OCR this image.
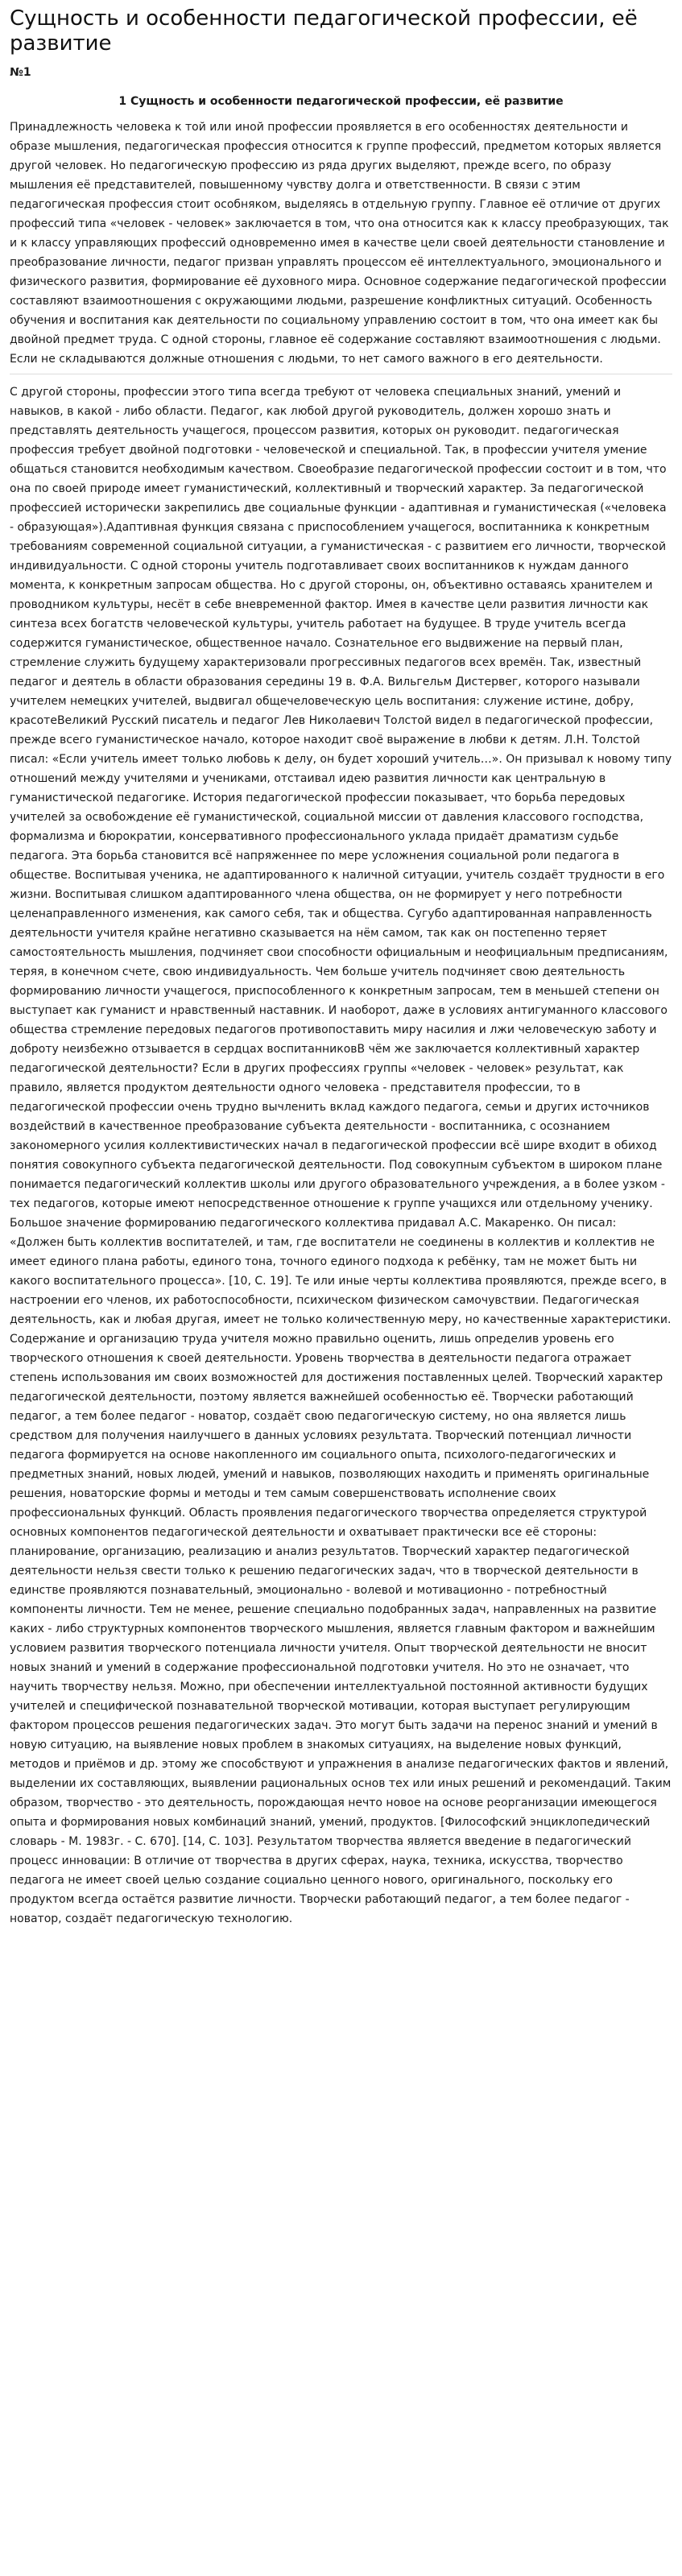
Сущность и особенности педагогической профессии, её развитие
№1
1 Сущность и особенности педагогической профессии, её развитие

Принадлежность человека к той или иной профессии проявляется в его особенностях деятельности и образе мышления, педагогическая профессия относится к группе профессий, предметом которых является другой человек. Но педагогическую профессию из ряда других выделяют, прежде всего, по образу мышления её представителей, повышенному чувству долга и ответственности. В связи с этим педагогическая профессия стоит особняком, выделяясь в отдельную группу. Главное её отличие от других профессий типа «человек - человек» заключается в том, что она относится как к классу преобразующих, так и к классу управляющих профессий одновременно имея в качестве цели своей деятельности становление и преобразование личности, педагог призван управлять процессом её интеллектуального, эмоционального и физического развития, формирование её духовного мира. Основное содержание педагогической профессии составляют взаимоотношения с окружающими людьми, разрешение конфликтных ситуаций. Особенность обучения и воспитания как деятельности по социальному управлению состоит в том, что она имеет как бы двойной предмет труда. С одной стороны, главное её содержание составляют взаимоотношения с людьми. Если не складываются должные отношения с людьми, то нет самого важного в его деятельности.

С другой стороны, профессии этого типа всегда требуют от человека специальных знаний, умений и навыков, в какой - либо области. Педагог, как любой другой руководитель, должен хорошо знать и представлять деятельность учащегося, процессом развития, которых он руководит. педагогическая профессия требует двойной подготовки - человеческой и специальной. Так, в профессии учителя умение общаться становится необходимым качеством. Своеобразие педагогической профессии состоит и в том, что она по своей природе имеет гуманистический, коллективный и творческий характер. За педагогической профессией исторически закрепились две социальные функции - адаптивная и гуманистическая («человека - образующая»).Адаптивная функция связана с приспособлением учащегося, воспитанника к конкретным требованиям современной социальной ситуации, а гуманистическая - с развитием его личности, творческой индивидуальности. С одной стороны учитель подготавливает своих воспитанников к нуждам данного момента, к конкретным запросам общества. Но с другой стороны, он, объективно оставаясь хранителем и проводником культуры, несёт в себе вневременной фактор. Имея в качестве цели развития личности как синтеза всех богатств человеческой культуры, учитель работает на будущее. В труде учитель всегда содержится гуманистическое, общественное начало. Сознательное его выдвижение на первый план, стремление служить будущему характеризовали прогрессивных педагогов всех времён. Так, известный педагог и деятель в области образования середины 19 в. Ф.А. Вильгельм Дистервег, которого называли учителем немецких учителей, выдвигал общечеловеческую цель воспитания: служение истине, добру, красотеВеликий Русский писатель и педагог Лев Николаевич Толстой видел в педагогической профессии, прежде всего гуманистическое начало, которое находит своё выражение в любви к детям. Л.Н. Толстой писал: «Если учитель имеет только любовь к делу, он будет хороший учитель…». Он призывал к новому типу отношений между учителями и учениками, отстаивал идею развития личности как центральную в гуманистической педагогике. История педагогической профессии показывает, что борьба передовых учителей за освобождение её гуманистической, социальной миссии от давления классового господства, формализма и бюрократии, консервативного профессионального уклада придаёт драматизм судьбе педагога. Эта борьба становится всё напряженнее по мере усложнения социальной роли педагога в обществе. Воспитывая ученика, не адаптированного к наличной ситуации, учитель создаёт трудности в его жизни. Воспитывая слишком адаптированного члена общества, он не формирует у него потребности целенаправленного изменения, как самого себя, так и общества. Сугубо адаптированная направленность деятельности учителя крайне негативно сказывается на нём самом, так как он постепенно теряет самостоятельность мышления, подчиняет свои способности официальным и неофициальным предписаниям, теряя, в конечном счете, свою индивидуальность. Чем больше учитель подчиняет свою деятельность формированию личности учащегося, приспособленного к конкретным запросам, тем в меньшей степени он выступает как гуманист и нравственный наставник. И наоборот, даже в условиях антигуманного классового общества стремление передовых педагогов противопоставить миру насилия и лжи человеческую заботу и доброту неизбежно отзывается в сердцах воспитанниковВ чём же заключается коллективный характер педагогической деятельности? Если в других профессиях группы «человек - человек» результат, как правило, является продуктом деятельности одного человека - представителя профессии, то в педагогической профессии очень трудно вычленить вклад каждого педагога, семьи и других источников воздействий в качественное преобразование субъекта деятельности - воспитанника, с осознанием закономерного усилия коллективистических начал в педагогической профессии всё шире входит в обиход понятия совокупного субъекта педагогической деятельности. Под совокупным субъектом в широком плане понимается педагогический коллектив школы или другого образовательного учреждения, а в более узком - тех педагогов, которые имеют непосредственное отношение к группе учащихся или отдельному ученику. Большое значение формированию педагогического коллектива придавал А.С. Макаренко. Он писал: «Должен быть коллектив воспитателей, и там, где воспитатели не соединены в коллектив и коллектив не имеет единого плана работы, единого тона, точного единого подхода к ребёнку, там не может быть ни какого воспитательного процесса». [10, С. 19]. Те или иные черты коллектива проявляются, прежде всего, в настроении его членов, их работоспособности, психическом физическом самочувствии. Педагогическая деятельность, как и любая другая, имеет не только количественную меру, но качественные характеристики. Содержание и организацию труда учителя можно правильно оценить, лишь определив уровень его творческого отношения к своей деятельности. Уровень творчества в деятельности педагога отражает степень использования им своих возможностей для достижения поставленных целей. Творческий характер педагогической деятельности, поэтому является важнейшей особенностью её. Творчески работающий педагог, а тем более педагог - новатор, создаёт свою педагогическую систему, но она является лишь средством для получения наилучшего в данных условиях результата. Творческий потенциал личности педагога формируется на основе накопленного им социального опыта, психолого-педагогических и предметных знаний, новых людей, умений и навыков, позволяющих находить и применять оригинальные решения, новаторские формы и методы и тем самым совершенствовать исполнение своих профессиональных функций. Область проявления педагогического творчества определяется структурой основных компонентов педагогической деятельности и охватывает практически все её стороны: планирование, организацию, реализацию и анализ результатов. Творческий характер педагогической деятельности нельзя свести только к решению педагогических задач, что в творческой деятельности в единстве проявляются познавательный, эмоционально - волевой и мотивационно - потребностный компоненты личности. Тем не менее, решение специально подобранных задач, направленных на развитие каких - либо структурных компонентов творческого мышления, является главным фактором и важнейшим условием развития творческого потенциала личности учителя. Опыт творческой деятельности не вносит новых знаний и умений в содержание профессиональной подготовки учителя. Но это не означает, что научить творчеству нельзя. Можно, при обеспечении интеллектуальной постоянной активности будущих учителей и специфической познавательной творческой мотивации, которая выступает регулирующим фактором процессов решения педагогических задач. Это могут быть задачи на перенос знаний и умений в новую ситуацию, на выявление новых проблем в знакомых ситуациях, на выделение новых функций, методов и приёмов и др. этому же способствуют и упражнения в анализе педагогических фактов и явлений, выделении их составляющих, выявлении рациональных основ тех или иных решений и рекомендаций. Таким образом, творчество - это деятельность, порождающая нечто новое на основе реорганизации имеющегося опыта и формирования новых комбинаций знаний, умений, продуктов. [Философский энциклопедический словарь - М. 1983г. - С. 670]. [14, С. 103]. Результатом творчества является введение в педагогический процесс инновации: В отличие от творчества в других сферах, наука, техника, искусства, творчество педагога не имеет своей целью создание социально ценного нового, оригинального, поскольку его продуктом всегда остаётся развитие личности. Творчески работающий педагог, а тем более педагог - новатор, создаёт педагогическую технологию.
